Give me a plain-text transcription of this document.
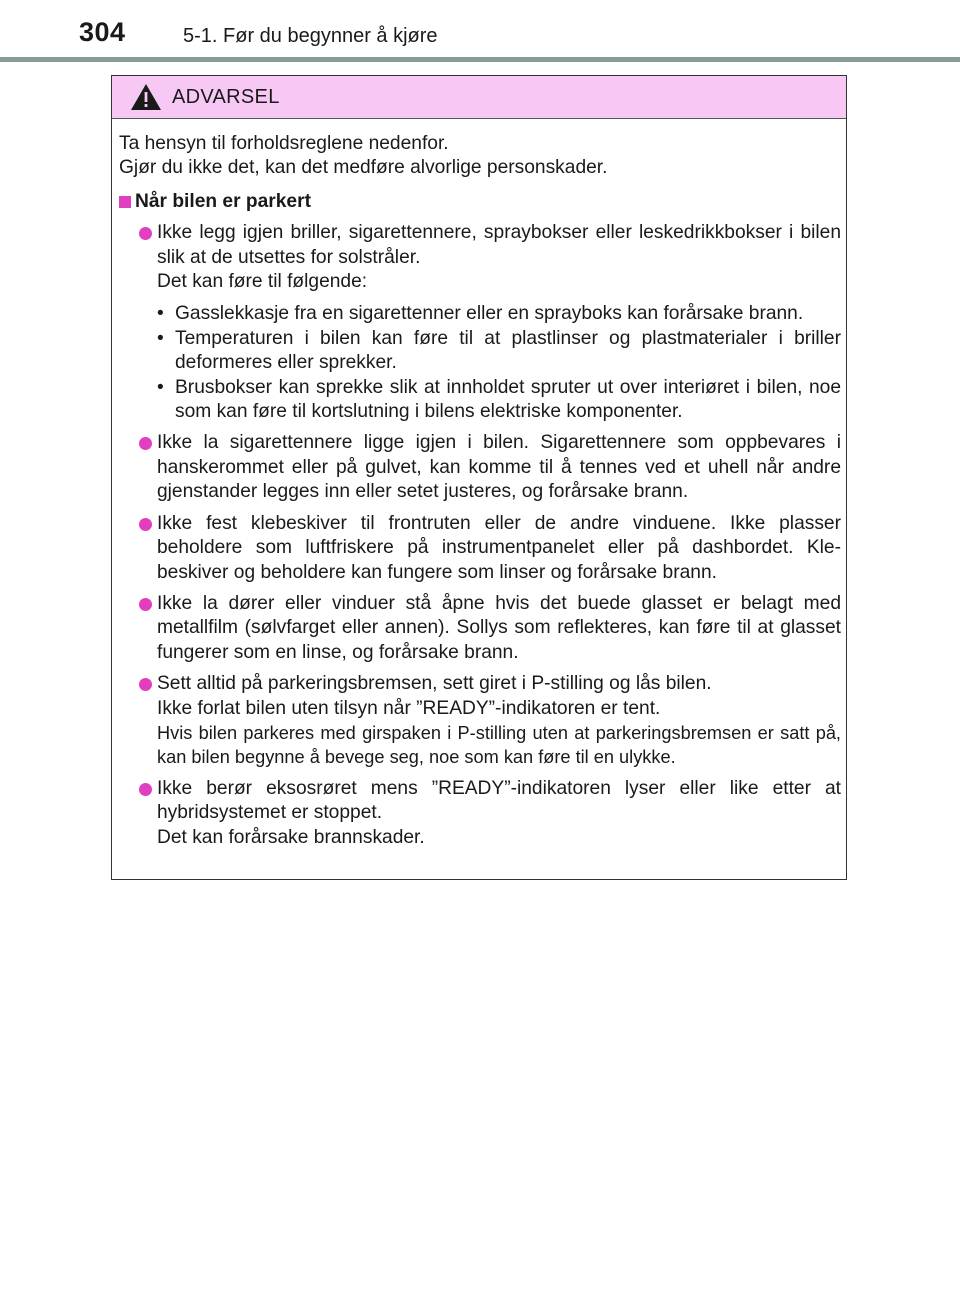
304	5-1. Før du begynner å kjøre
ADVARSEL

Ta hensyn til forholdsreglene nedenfor.

Gjør du ikke det, kan det medføre alvorlige personskader.

Når bilen er parkert

Ikke legg igjen briller, sigarettennere, spraybokser eller leskedrikkbokser i bilen slik at de utsettes for solstråler.

Det kan føre til følgende:

• Gasslekkasje fra en sigarettenner eller en sprayboks kan forårsake brann.
• Temperaturen i bilen kan føre til at plastlinser og plastmaterialer i briller deformeres eller sprekker.
• Brusbokser kan sprekke slik at innholdet spruter ut over interiøret i bilen, noe som kan føre til kortslutning i bilens elektriske komponenter.

Ikke la sigarettennere ligge igjen i bilen. Sigarettennere som oppbevares i hanskerommet eller på gulvet, kan komme til å tennes ved et uhell når andre gjenstander legges inn eller setet justeres, og forårsake brann.

Ikke fest klebeskiver til frontruten eller de andre vinduene. Ikke plasser beholdere som luftfriskere på instrumentpanelet eller på dashbordet. Kle-beskiver og beholdere kan fungere som linser og forårsake brann.

Ikke la dører eller vinduer stå åpne hvis det buede glasset er belagt med metallfilm (sølvfarget eller annen). Sollys som reflekteres, kan føre til at glasset fungerer som en linse, og forårsake brann.

Sett alltid på parkeringsbremsen, sett giret i P-stilling og lås bilen.

Ikke forlat bilen uten tilsyn når ”READY”-indikatoren er tent.

Hvis bilen parkeres med girspaken i P-stilling uten at parkeringsbremsen er satt på, kan bilen begynne å bevege seg, noe som kan føre til en ulykke.

Ikke berør eksosrøret mens ”READY”-indikatoren lyser eller like etter at hybridsystemet er stoppet.

Det kan forårsake brannskader.
